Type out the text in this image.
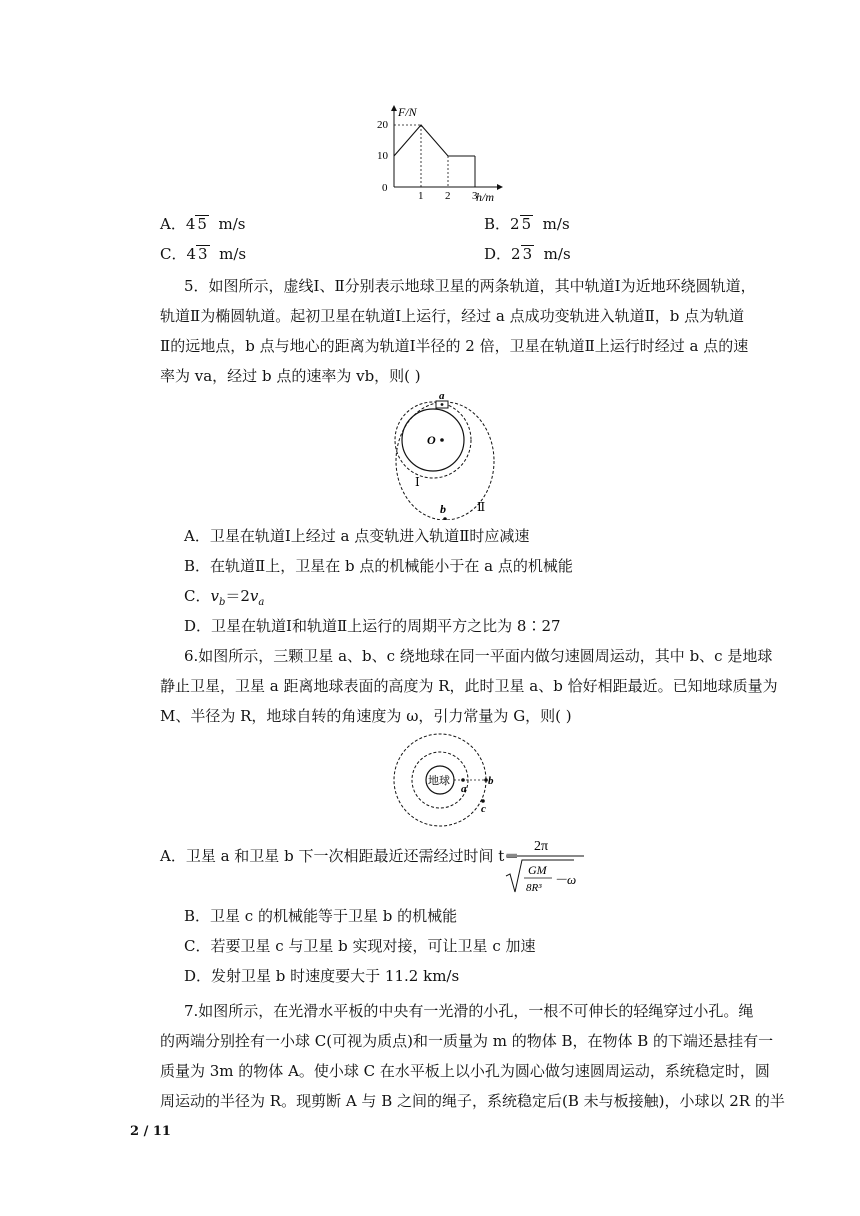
F/N
h/m
20
10
0
1 2 3
A．4 5  m/s	B．2 5  m/s
C．4 3  m/s	D．2 3  m/s
5．如图所示，虚线Ⅰ、Ⅱ分别表示地球卫星的两条轨道，其中轨道Ⅰ为近地环绕圆轨道，
轨道Ⅱ为椭圆轨道。起初卫星在轨道Ⅰ上运行，经过 a 点成功变轨进入轨道Ⅱ，b 点为轨道
Ⅱ的远地点，b 点与地心的距离为轨道Ⅰ半径的 2 倍，卫星在轨道Ⅱ上运行时经过 a 点的速
率为 va，经过 b 点的速率为 vb，则( )
O
a
b
Ⅰ
Ⅱ
A．卫星在轨道Ⅰ上经过 a 点变轨进入轨道Ⅱ时应减速
B．在轨道Ⅱ上，卫星在 b 点的机械能小于在 a 点的机械能
C．$v_b=2v_a$
D．卫星在轨道Ⅰ和轨道Ⅱ上运行的周期平方之比为 8∶27
6.如图所示，三颗卫星 a、b、c 绕地球在同一平面内做匀速圆周运动，其中 b、c 是地球
静止卫星，卫星 a 距离地球表面的高度为 R，此时卫星 a、b 恰好相距最近。已知地球质量为
M、半径为 R，地球自转的角速度为 ω，引力常量为 G，则( )
地球
a
b
c
A．卫星 a 和卫星 b 下一次相距最近还需经过时间 t＝
2π
GM
8R³
－ω
B．卫星 c 的机械能等于卫星 b 的机械能
C．若要卫星 c 与卫星 b 实现对接，可让卫星 c 加速
D．发射卫星 b 时速度要大于 11.2 km/s
7.如图所示，在光滑水平板的中央有一光滑的小孔，一根不可伸长的轻绳穿过小孔。绳
的两端分别拴有一小球 C(可视为质点)和一质量为 m 的物体 B，在物体 B 的下端还悬挂有一
质量为 3m 的物体 A。使小球 C 在水平板上以小孔为圆心做匀速圆周运动，系统稳定时，圆
周运动的半径为 R。现剪断 A 与 B 之间的绳子，系统稳定后(B 未与板接触)，小球以 2R 的半
2 / 11
